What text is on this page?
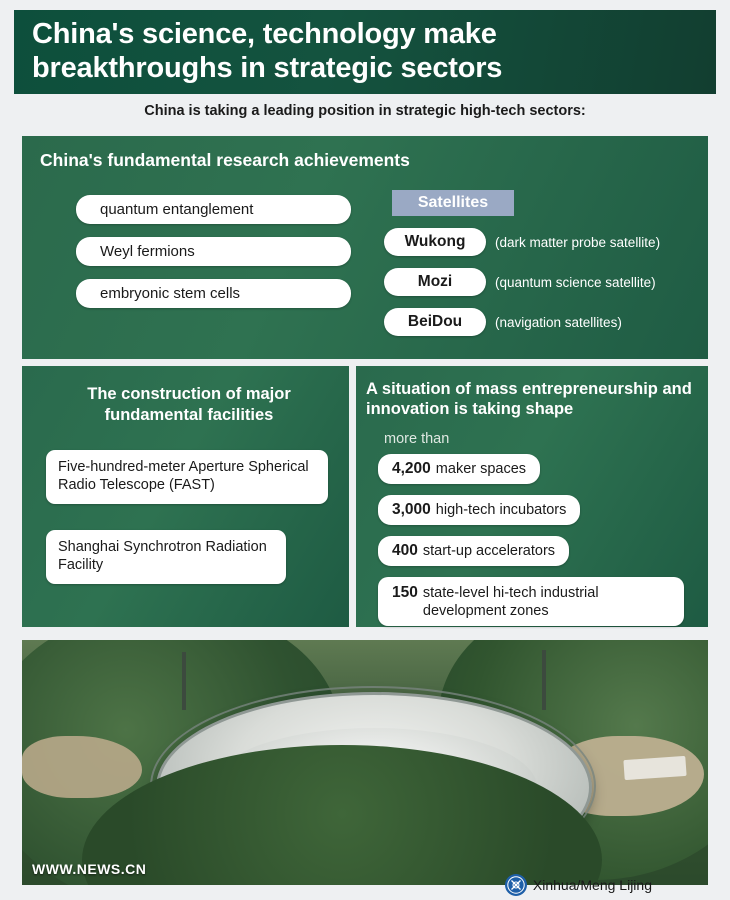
China's science, technology make breakthroughs in strategic sectors
China is taking a leading position in strategic high-tech sectors:
China's fundamental research achievements
quantum entanglement
Weyl fermions
embryonic stem cells
Satellites
Wukong	(dark matter probe satellite)
Mozi	(quantum science satellite)
BeiDou	(navigation satellites)
The construction of major fundamental facilities
Five-hundred-meter Aperture Spherical Radio Telescope (FAST)
Shanghai Synchrotron Radiation Facility
A situation of mass entrepreneurship and innovation is taking shape
more than
4,200 maker spaces
3,000 high-tech incubators
400 start-up accelerators
150 state-level hi-tech industrial development zones
WWW.NEWS.CN
Xinhua/Meng Lijing
